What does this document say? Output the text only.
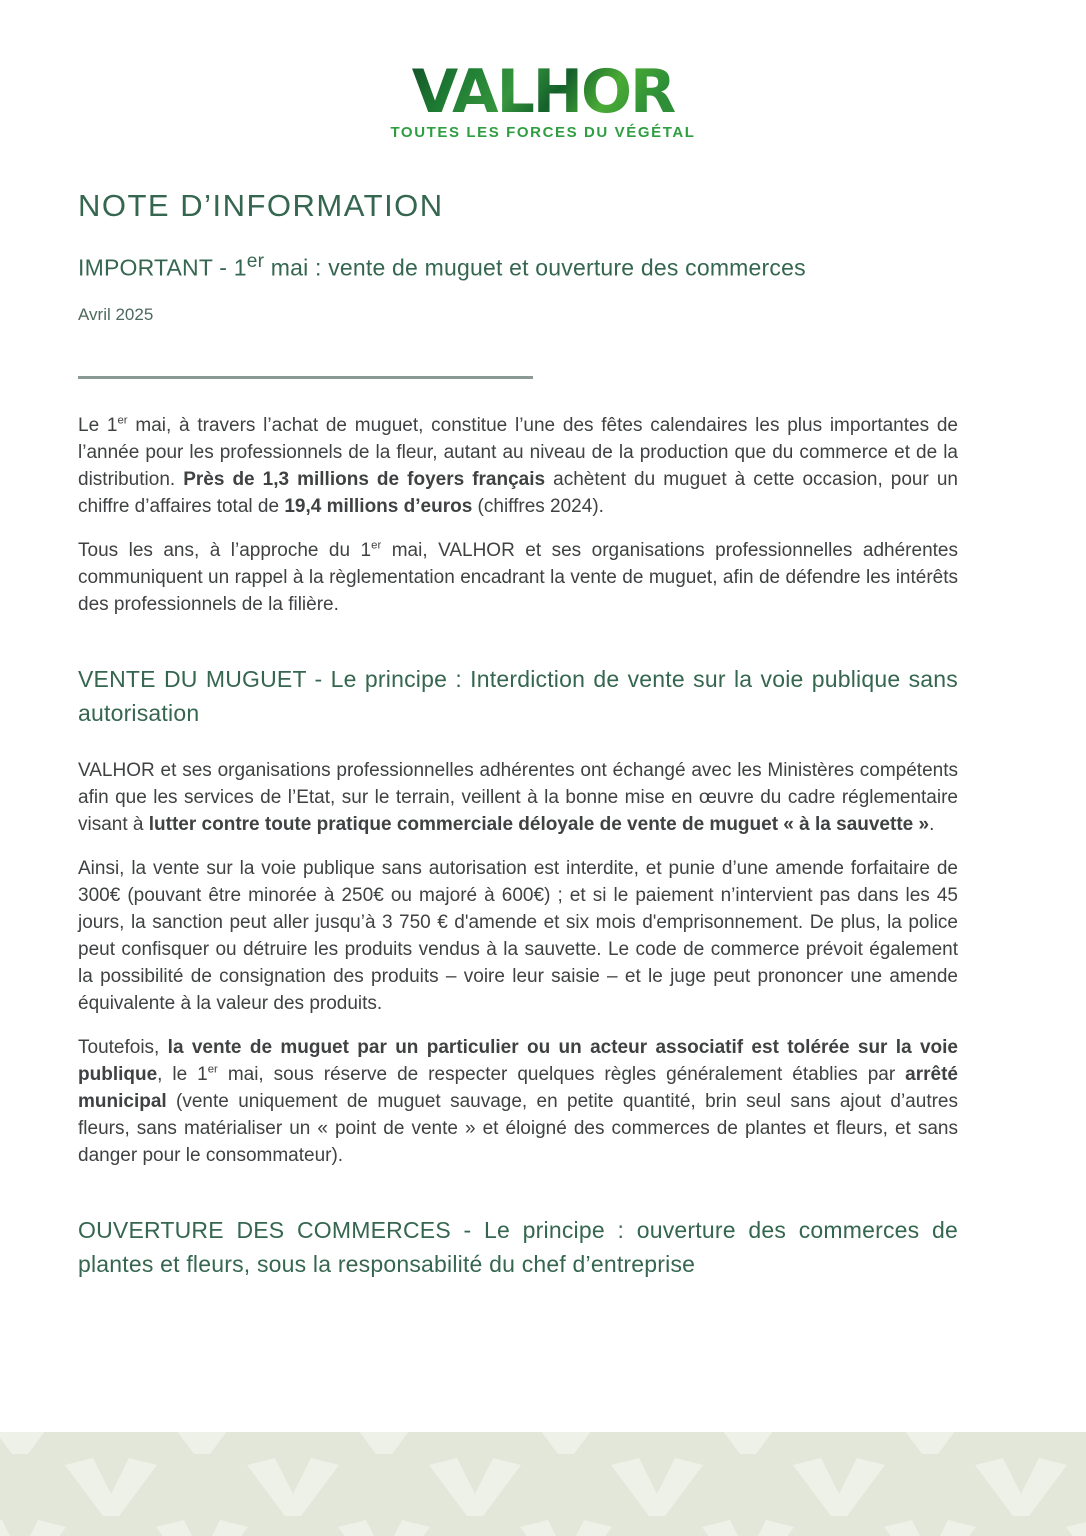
VALHOR
TOUTES LES FORCES DU VÉGÉTAL
NOTE D’INFORMATION
IMPORTANT - 1er mai : vente de muguet et ouverture des commerces
Avril 2025

Le 1er mai, à travers l’achat de muguet, constitue l’une des fêtes calendaires les plus importantes de l’année pour les professionnels de la fleur, autant au niveau de la production que du commerce et de la distribution. Près de 1,3 millions de foyers français achètent du muguet à cette occasion, pour un chiffre d’affaires total de 19,4 millions d’euros (chiffres 2024).

Tous les ans, à l’approche du 1er mai, VALHOR et ses organisations professionnelles adhérentes communiquent un rappel à la règlementation encadrant la vente de muguet, afin de défendre les intérêts des professionnels de la filière.

VENTE DU MUGUET - Le principe : Interdiction de vente sur la voie publique sans autorisation

VALHOR et ses organisations professionnelles adhérentes ont échangé avec les Ministères compétents afin que les services de l’Etat, sur le terrain, veillent à la bonne mise en œuvre du cadre réglementaire visant à lutter contre toute pratique commerciale déloyale de vente de muguet « à la sauvette ».

Ainsi, la vente sur la voie publique sans autorisation est interdite, et punie d’une amende forfaitaire de 300€ (pouvant être minorée à 250€ ou majoré à 600€) ; et si le paiement n’intervient pas dans les 45 jours, la sanction peut aller jusqu’à 3 750 € d'amende et six mois d'emprisonnement. De plus, la police peut confisquer ou détruire les produits vendus à la sauvette. Le code de commerce prévoit également la possibilité de consignation des produits – voire leur saisie – et le juge peut prononcer une amende équivalente à la valeur des produits.

Toutefois, la vente de muguet par un particulier ou un acteur associatif est tolérée sur la voie publique, le 1er mai, sous réserve de respecter quelques règles généralement établies par arrêté municipal (vente uniquement de muguet sauvage, en petite quantité, brin seul sans ajout d’autres fleurs, sans matérialiser un « point de vente » et éloigné des commerces de plantes et fleurs, et sans danger pour le consommateur).

OUVERTURE DES COMMERCES - Le principe : ouverture des commerces de plantes et fleurs, sous la responsabilité du chef d’entreprise
